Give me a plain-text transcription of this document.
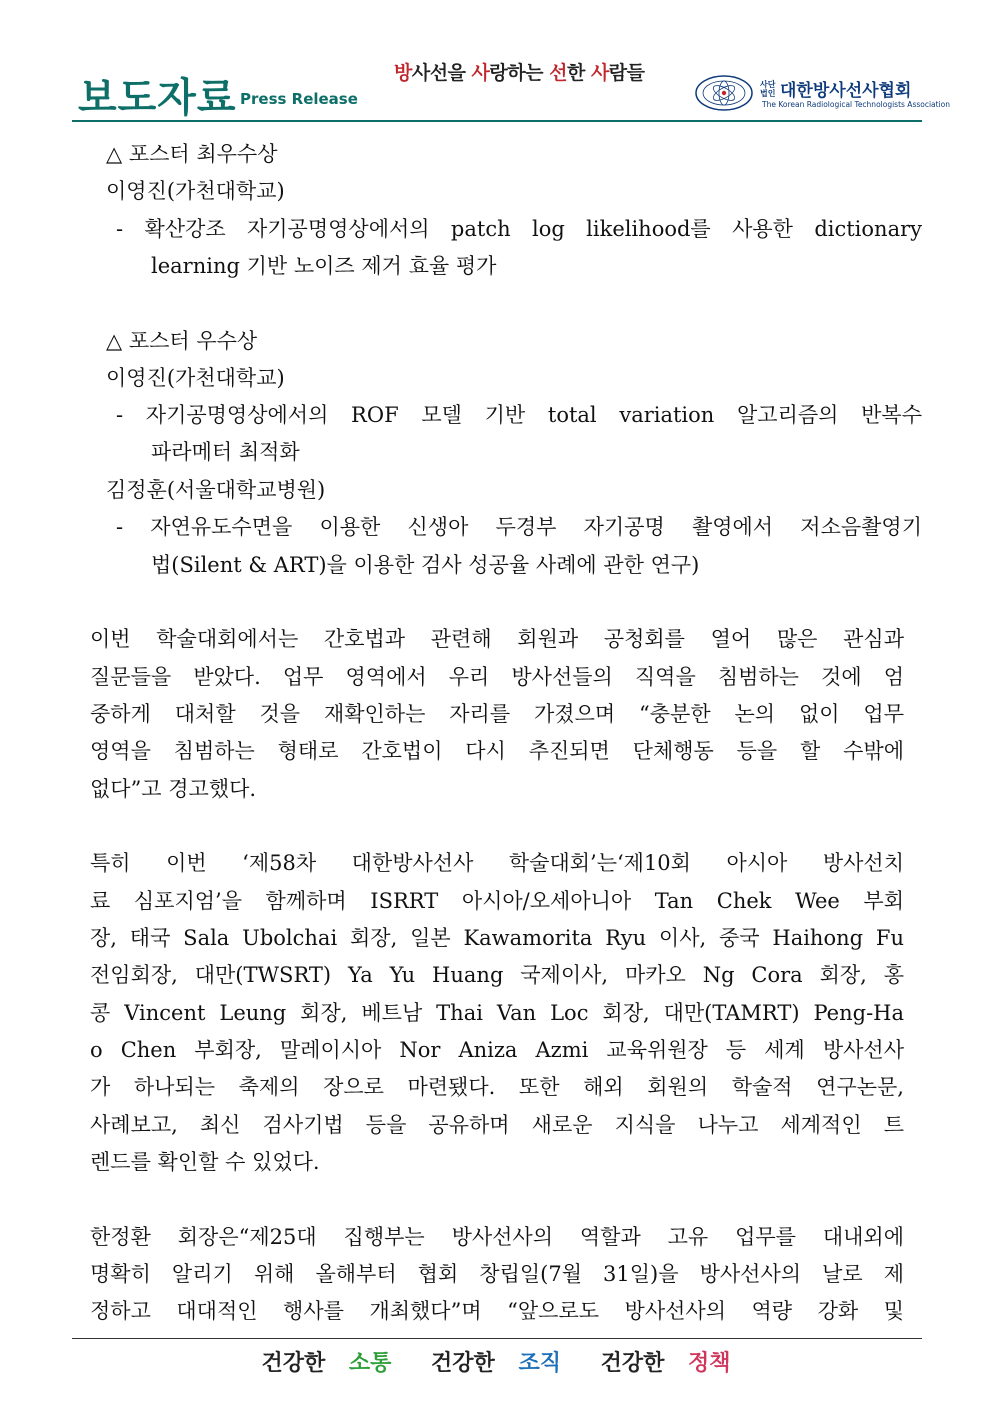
보도자료 Press Release
방사선을 사랑하는 선한 사람들
사단법인 대한방사선사협회
The Korean Radiological Technologists Association
△ 포스터 최우수상
이영진(가천대학교)
- 확산강조 자기공명영상에서의 patch log likelihood를 사용한 dictionary
learning 기반 노이즈 제거 효율 평가
△ 포스터 우수상
이영진(가천대학교)
- 자기공명영상에서의 ROF 모델 기반 total variation 알고리즘의 반복수
파라메터 최적화
김정훈(서울대학교병원)
- 자연유도수면을 이용한 신생아 두경부 자기공명 촬영에서 저소음촬영기
법(Silent & ART)을 이용한 검사 성공율 사례에 관한 연구)
이번 학술대회에서는 간호법과 관련해 회원과 공청회를 열어 많은 관심과
질문들을 받았다. 업무 영역에서 우리 방사선들의 직역을 침범하는 것에 엄
중하게 대처할 것을 재확인하는 자리를 가졌으며 “충분한 논의 없이 업무
영역을 침범하는 형태로 간호법이 다시 추진되면 단체행동 등을 할 수밖에
없다”고 경고했다.
특히 이번 ‘제58차 대한방사선사 학술대회’는‘제10회 아시아 방사선치
료 심포지엄’을 함께하며 ISRRT 아시아/오세아니아 Tan Chek Wee 부회
장, 태국 Sala Ubolchai 회장, 일본 Kawamorita Ryu 이사, 중국 Haihong Fu
전임회장, 대만(TWSRT) Ya Yu Huang 국제이사, 마카오 Ng Cora 회장, 홍
콩 Vincent Leung 회장, 베트남 Thai Van Loc 회장, 대만(TAMRT) Peng-Ha
o Chen 부회장, 말레이시아 Nor Aniza Azmi 교육위원장 등 세계 방사선사
가 하나되는 축제의 장으로 마련됐다. 또한 해외 회원의 학술적 연구논문,
사례보고, 최신 검사기법 등을 공유하며 새로운 지식을 나누고 세계적인 트
렌드를 확인할 수 있었다.
한정환 회장은“제25대 집행부는 방사선사의 역할과 고유 업무를 대내외에
명확히 알리기 위해 올해부터 협회 창립일(7월 31일)을 방사선사의 날로 제
정하고 대대적인 행사를 개최했다”며 “앞으로도 방사선사의 역량 강화 및
건강한 소통 건강한 조직 건강한 정책
